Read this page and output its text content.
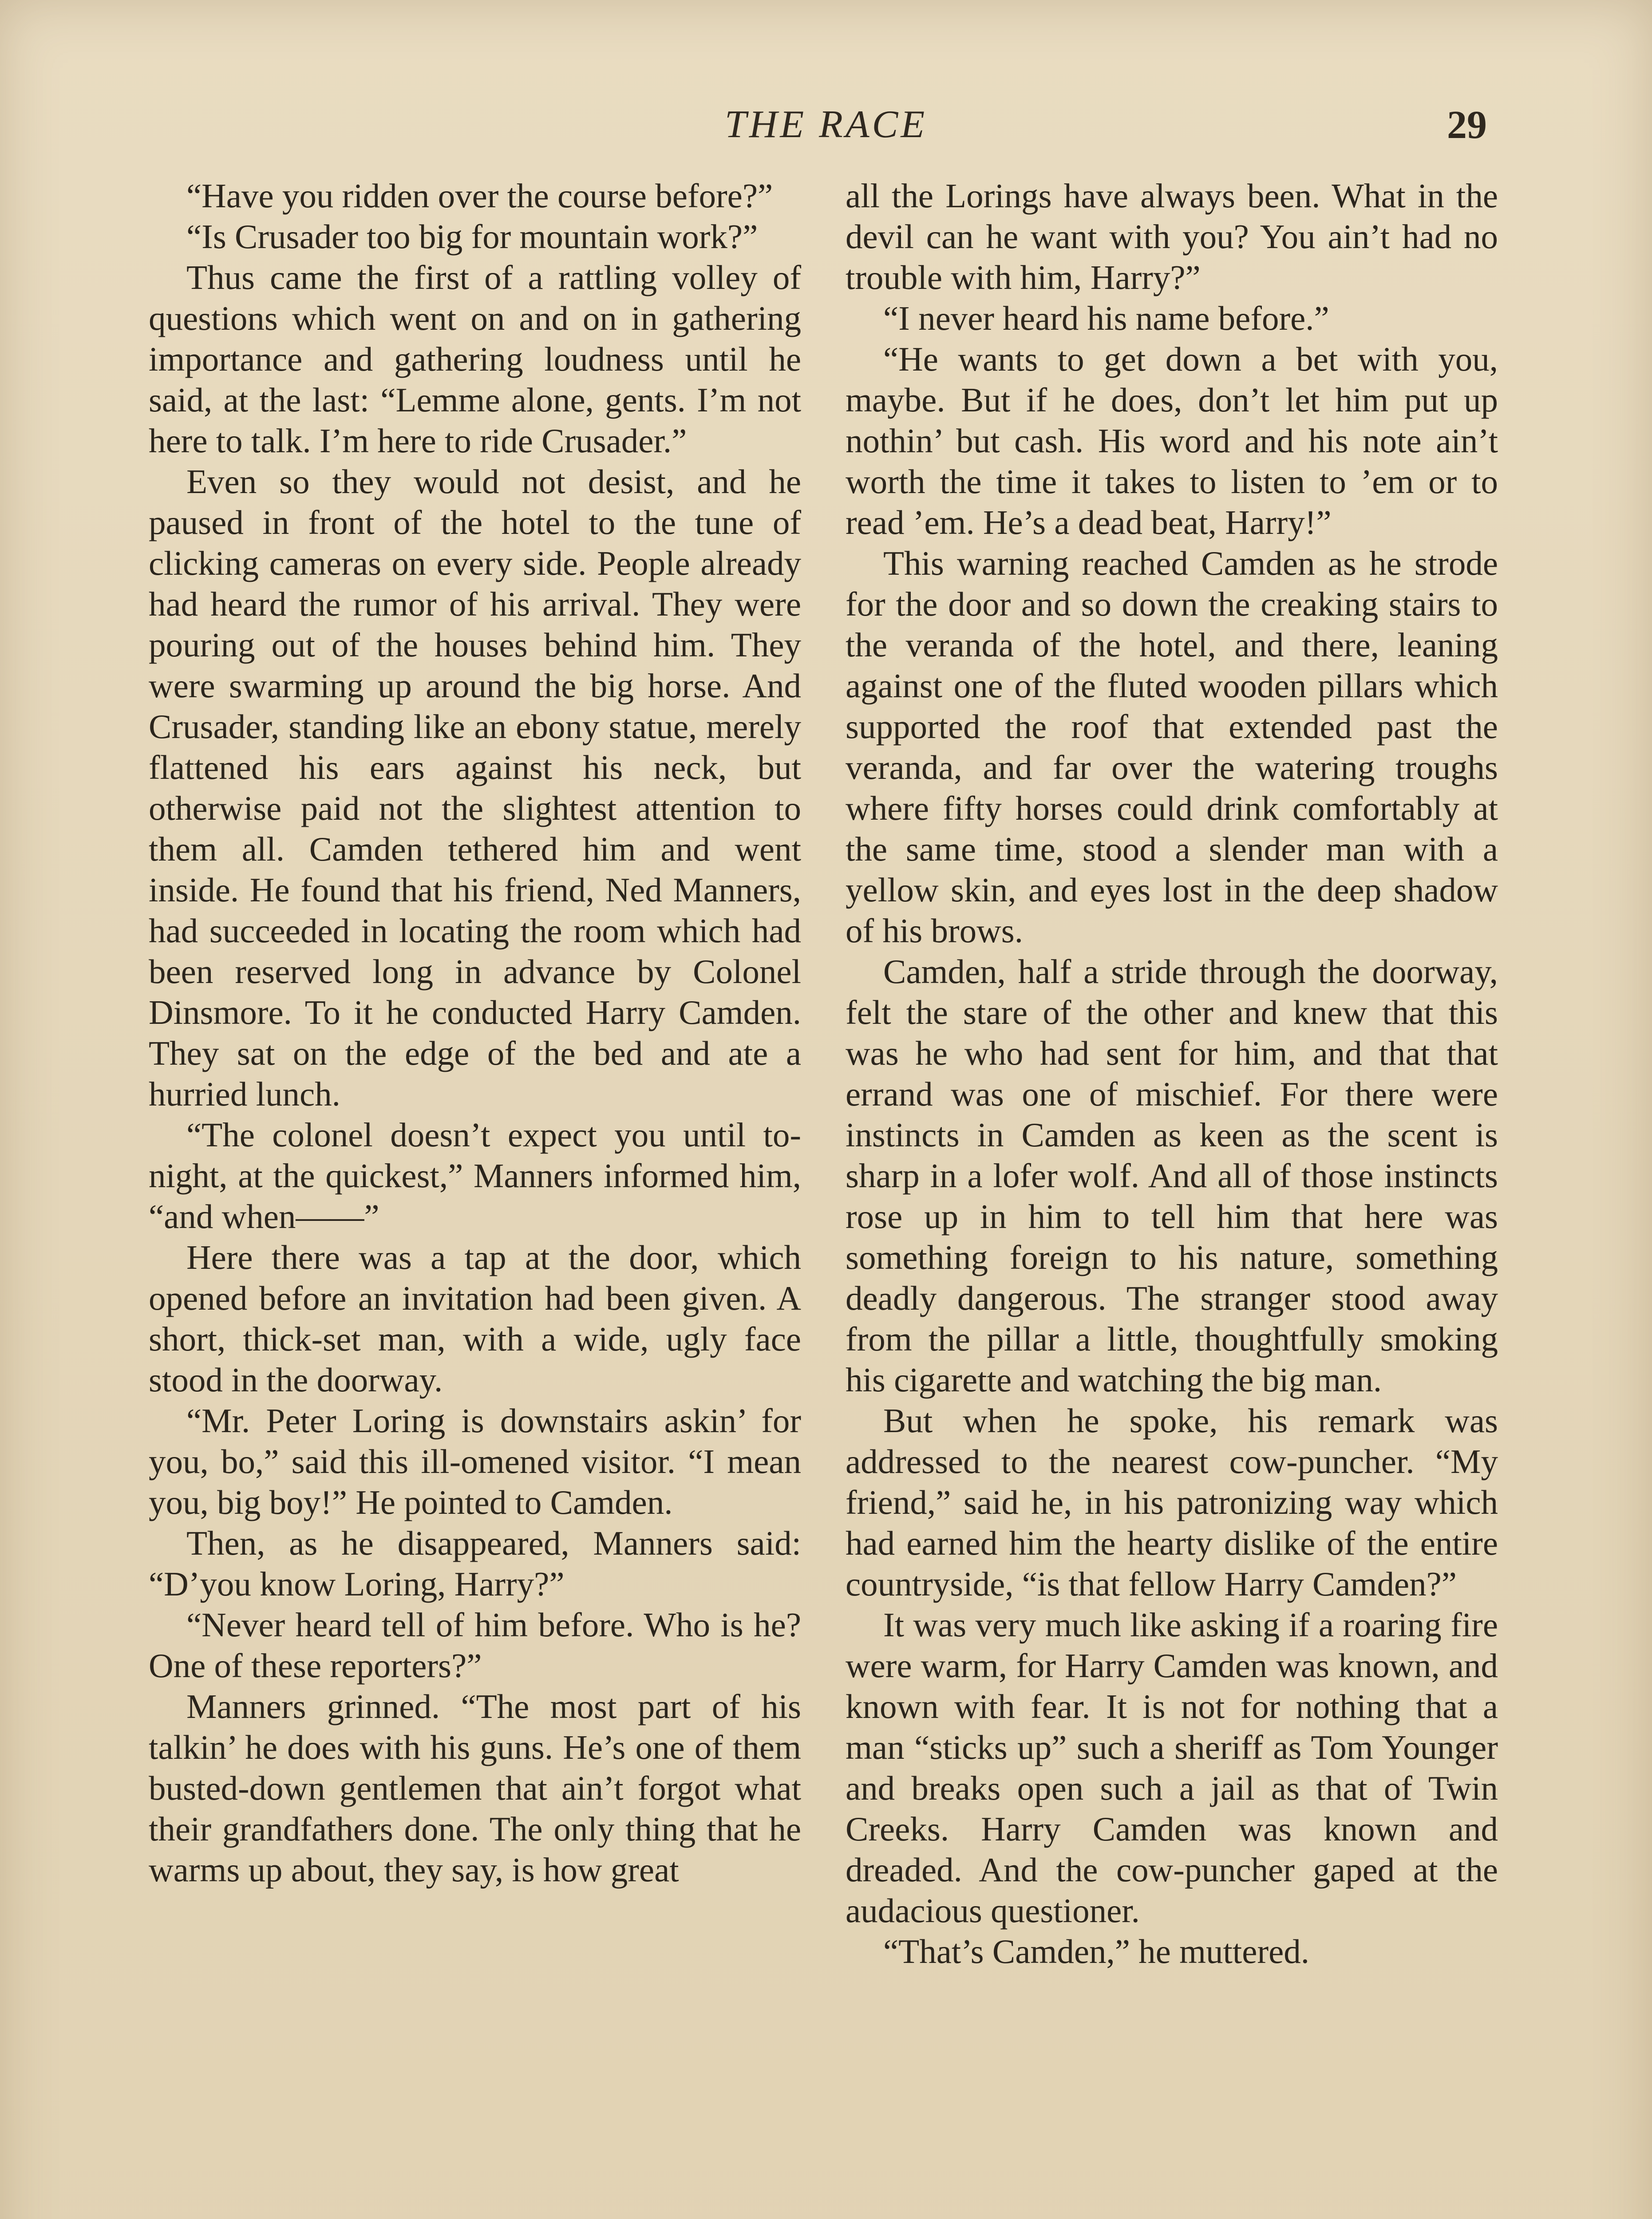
THE RACE	29

“Have you ridden over the course before?”

“Is Crusader too big for mountain work?”

Thus came the first of a rattling volley of questions which went on and on in gathering importance and gathering loudness until he said, at the last: “Lemme alone, gents. I’m not here to talk. I’m here to ride Crusader.”

Even so they would not desist, and he paused in front of the hotel to the tune of clicking cameras on every side. People already had heard the rumor of his arrival. They were pouring out of the houses behind him. They were swarming up around the big horse. And Crusader, standing like an ebony statue, merely flattened his ears against his neck, but otherwise paid not the slightest attention to them all. Camden tethered him and went inside. He found that his friend, Ned Manners, had succeeded in locating the room which had been reserved long in advance by Colonel Dinsmore. To it he conducted Harry Camden. They sat on the edge of the bed and ate a hurried lunch.

“The colonel doesn’t expect you until to-night, at the quickest,” Manners informed him, “and when——”

Here there was a tap at the door, which opened before an invitation had been given. A short, thick-set man, with a wide, ugly face stood in the doorway.

“Mr. Peter Loring is downstairs askin’ for you, bo,” said this ill-omened visitor. “I mean you, big boy!” He pointed to Camden.

Then, as he disappeared, Manners said: “D’you know Loring, Harry?”

“Never heard tell of him before. Who is he? One of these reporters?”

Manners grinned. “The most part of his talkin’ he does with his guns. He’s one of them busted-down gentlemen that ain’t forgot what their grandfathers done. The only thing that he warms up about, they say, is how great

all the Lorings have always been. What in the devil can he want with you? You ain’t had no trouble with him, Harry?”

“I never heard his name before.”

“He wants to get down a bet with you, maybe. But if he does, don’t let him put up nothin’ but cash. His word and his note ain’t worth the time it takes to listen to ’em or to read ’em. He’s a dead beat, Harry!”

This warning reached Camden as he strode for the door and so down the creaking stairs to the veranda of the hotel, and there, leaning against one of the fluted wooden pillars which supported the roof that extended past the veranda, and far over the watering troughs where fifty horses could drink comfortably at the same time, stood a slender man with a yellow skin, and eyes lost in the deep shadow of his brows.

Camden, half a stride through the doorway, felt the stare of the other and knew that this was he who had sent for him, and that that errand was one of mischief. For there were instincts in Camden as keen as the scent is sharp in a lofer wolf. And all of those instincts rose up in him to tell him that here was something foreign to his nature, something deadly dangerous. The stranger stood away from the pillar a little, thoughtfully smoking his cigarette and watching the big man.

But when he spoke, his remark was addressed to the nearest cow-puncher. “My friend,” said he, in his patronizing way which had earned him the hearty dislike of the entire countryside, “is that fellow Harry Camden?”

It was very much like asking if a roaring fire were warm, for Harry Camden was known, and known with fear. It is not for nothing that a man “sticks up” such a sheriff as Tom Younger and breaks open such a jail as that of Twin Creeks. Harry Camden was known and dreaded. And the cow-puncher gaped at the audacious questioner.

“That’s Camden,” he muttered.
